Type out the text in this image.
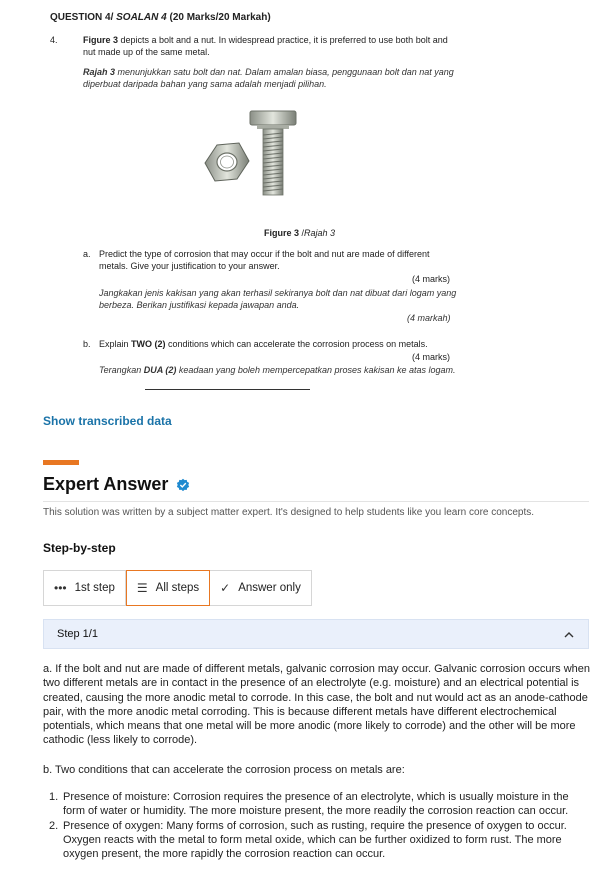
QUESTION 4/ SOALAN 4 (20 Marks/20 Markah)
4.	Figure 3 depicts a bolt and a nut. In widespread practice, it is preferred to use both bolt and nut made up of the same metal.
Rajah 3 menunjukkan satu bolt dan nat. Dalam amalan biasa, penggunaan bolt dan nat yang diperbuat daripada bahan yang sama adalah menjadi pilihan.
Figure 3 /Rajah 3
a. Predict the type of corrosion that may occur if the bolt and nut are made of different metals. Give your justification to your answer.
(4 marks)
Jangkakan jenis kakisan yang akan terhasil sekiranya bolt dan nat dibuat dari logam yang berbeza. Berikan justifikasi kepada jawapan anda.
(4 markah)
b. Explain TWO (2) conditions which can accelerate the corrosion process on metals.
(4 marks)
Terangkan DUA (2) keadaan yang boleh mempercepatkan proses kakisan ke atas logam.
Show transcribed data
Expert Answer
This solution was written by a subject matter expert. It's designed to help students like you learn core concepts.
Step-by-step
••• 1st step ☰ All steps ✓ Answer only
Step 1/1
a. If the bolt and nut are made of different metals, galvanic corrosion may occur. Galvanic corrosion occurs when two different metals are in contact in the presence of an electrolyte (e.g. moisture) and an electrical potential is created, causing the more anodic metal to corrode. In this case, the bolt and nut would act as an anode-cathode pair, with the more anodic metal corroding. This is because different metals have different electrochemical potentials, which means that one metal will be more anodic (more likely to corrode) and the other will be more cathodic (less likely to corrode).
b. Two conditions that can accelerate the corrosion process on metals are:
1. Presence of moisture: Corrosion requires the presence of an electrolyte, which is usually moisture in the form of water or humidity. The more moisture present, the more readily the corrosion reaction can occur.
2. Presence of oxygen: Many forms of corrosion, such as rusting, require the presence of oxygen to occur. Oxygen reacts with the metal to form metal oxide, which can be further oxidized to form rust. The more oxygen present, the more rapidly the corrosion reaction can occur.
